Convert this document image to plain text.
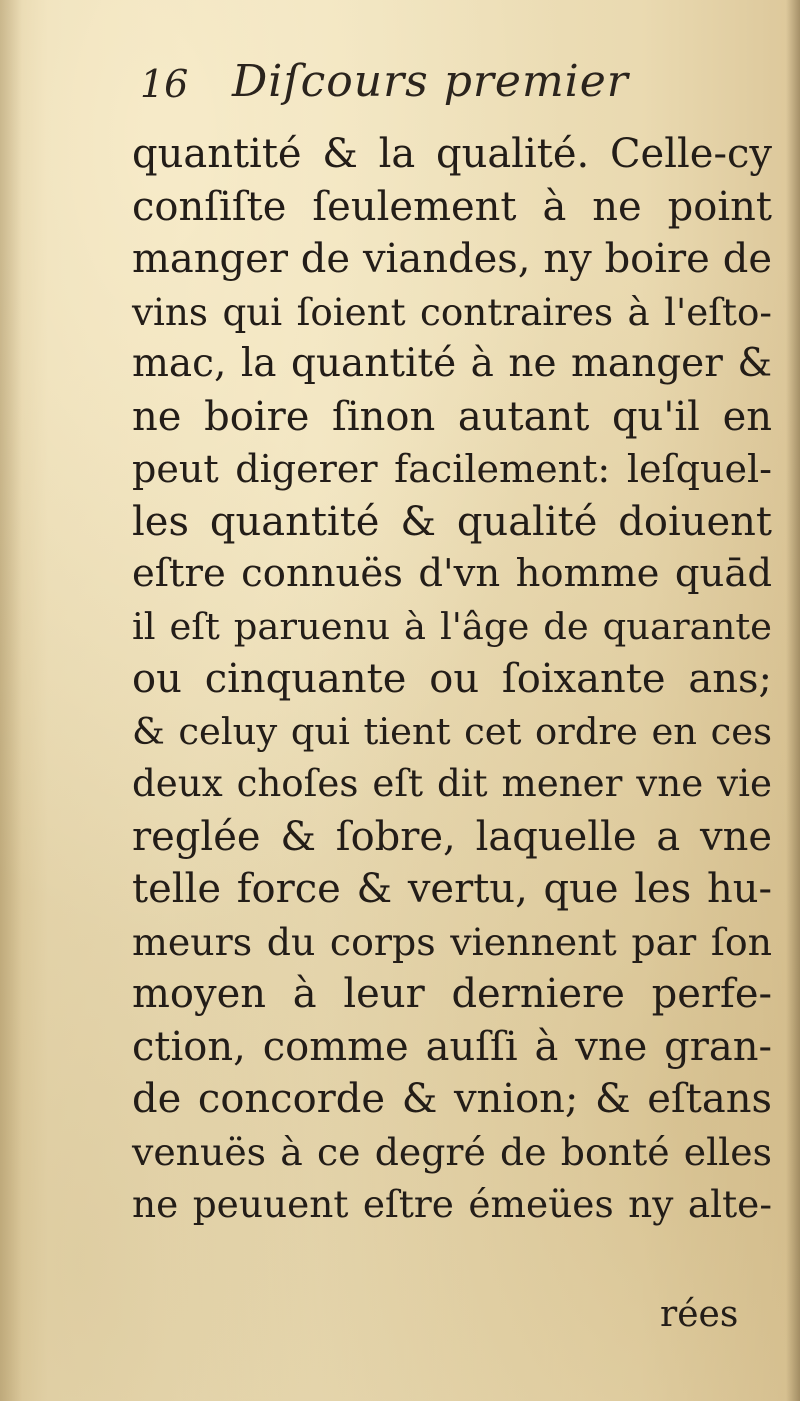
16 Diſcours premier
quantité & la qualité. Celle-cy
conſiſte ſeulement à ne point
manger de viandes, ny boire de
vins qui ſoient contraires à l'eſto-
mac, la quantité à ne manger &
ne boire ſinon autant qu'il en
peut digerer facilement: leſquel-
les quantité & qualité doiuent
eſtre connuës d'vn homme quād
il eſt paruenu à l'âge de quarante
ou cinquante ou ſoixante ans;
& celuy qui tient cet ordre en ces
deux choſes eſt dit mener vne vie
reglée & ſobre, laquelle a vne
telle force & vertu, que les hu-
meurs du corps viennent par ſon
moyen à leur derniere perfe-
ction, comme auſſi à vne gran-
de concorde & vnion; & eſtans
venuës à ce degré de bonté elles
ne peuuent eſtre émeües ny alte-
rées
